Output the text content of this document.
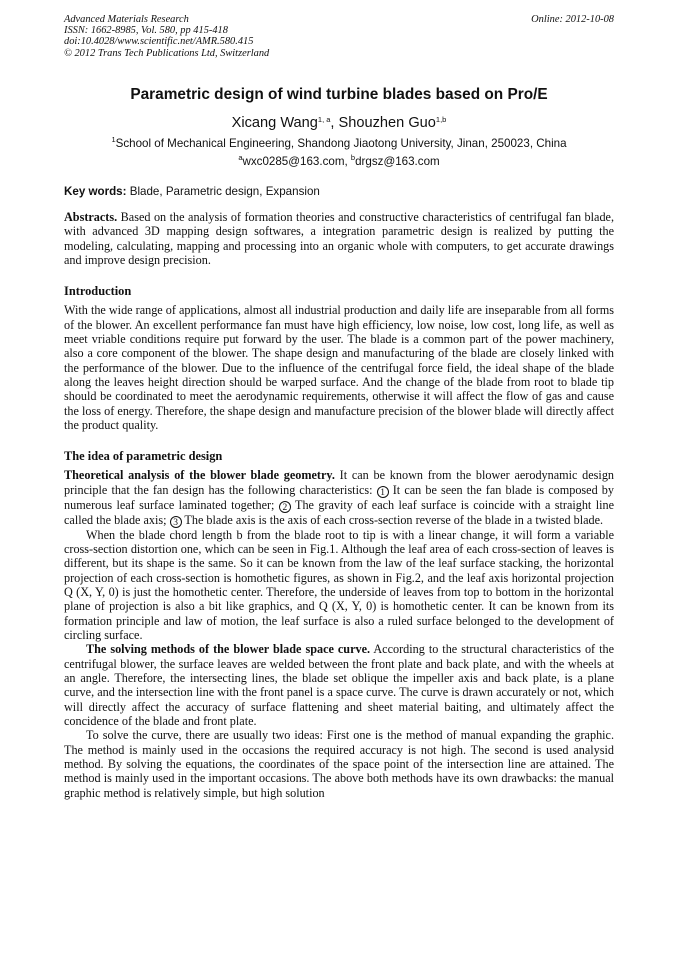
Advanced Materials Research
ISSN: 1662-8985, Vol. 580, pp 415-418
doi:10.4028/www.scientific.net/AMR.580.415
© 2012 Trans Tech Publications Ltd, Switzerland
Online: 2012-10-08
Parametric design of wind turbine blades based on Pro/E
Xicang Wang$^{1, a}$, Shouzhen Guo$^{1,b}$
$^1$School of Mechanical Engineering, Shandong Jiaotong University, Jinan, 250023, China
$^a$wxc0285@163.com, $^b$drgsz@163.com
Key words: Blade, Parametric design, Expansion

Abstracts. Based on the analysis of formation theories and constructive characteristics of centrifugal fan blade, with advanced 3D mapping design softwares, a integration parametric design is realized by putting the modeling, calculating, mapping and processing into an organic whole with computers, to get accurate drawings and improve design precision.

Introduction

With the wide range of applications, almost all industrial production and daily life are inseparable from all forms of the blower. An excellent performance fan must have high efficiency, low noise, low cost, long life, as well as meet vriable conditions require put forward by the user. The blade is a common part of the power machinery, also a core component of the blower. The shape design and manufacturing of the blade are closely linked with the performance of the blower. Due to the influence of the centrifugal force field, the ideal shape of the blade along the leaves height direction should be warped surface. And the change of the blade from root to blade tip should be coordinated to meet the aerodynamic requirements, otherwise it will affect the flow of gas and cause the loss of energy. Therefore, the shape design and manufacture precision of the blower blade will directly affect the product quality.

The idea of parametric design

Theoretical analysis of the blower blade geometry. It can be known from the blower aerodynamic design principle that the fan design has the following characteristics: 1 It can be seen the fan blade is composed by numerous leaf surface laminated together; 2 The gravity of each leaf surface is coincide with a straight line called the blade axis; 3 The blade axis is the axis of each cross-section reverse of the blade in a twisted blade.

When the blade chord length b from the blade root to tip is with a linear change, it will form a variable cross-section distortion one, which can be seen in Fig.1. Although the leaf area of each cross-section of leaves is different, but its shape is the same. So it can be known from the law of the leaf surface stacking, the horizontal projection of each cross-section is homothetic figures, as shown in Fig.2, and the leaf axis horizontal projection Q (X, Y, 0) is just the homothetic center. Therefore, the underside of leaves from top to bottom in the horizontal plane of projection is also a bit like graphics, and Q (X, Y, 0) is homothetic center. It can be known from its formation principle and law of motion, the leaf surface is also a ruled surface belonged to the development of circling surface.

The solving methods of the blower blade space curve. According to the structural characteristics of the centrifugal blower, the surface leaves are welded between the front plate and back plate, and with the wheels at an angle. Therefore, the intersecting lines, the blade set oblique the impeller axis and back plate, is a plane curve, and the intersection line with the front panel is a space curve. The curve is drawn accurately or not, which will directly affect the accuracy of surface flattening and sheet material baiting, and ultimately affect the concidence of the blade and front plate.

To solve the curve, there are usually two ideas: First one is the method of manual expanding the graphic. The method is mainly used in the occasions the required accuracy is not high. The second is used analysid method. By solving the equations, the coordinates of the space point of the intersection line are attained. The method is mainly used in the important occasions. The above both methods have its own drawbacks: the manual graphic method is relatively simple, but high solution
